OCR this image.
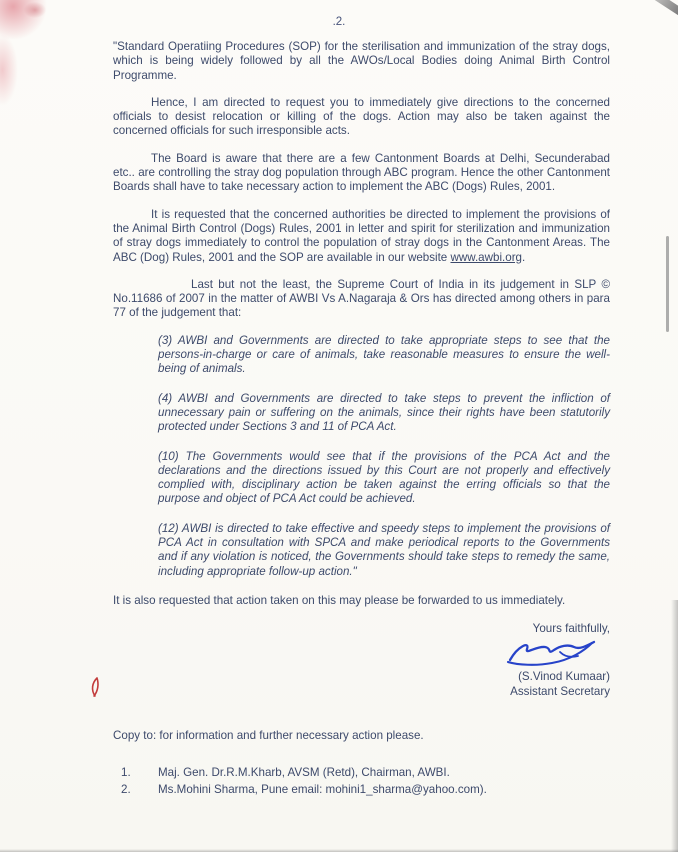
.2.

"Standard Operatiing Procedures (SOP) for the sterilisation and immunization of the stray dogs, which is being widely followed by all the AWOs/Local Bodies doing Animal Birth Control Programme.

Hence, I am directed to request you to immediately give directions to the concerned officials to desist relocation or killing of the dogs. Action may also be taken against the concerned officials for such irresponsible acts.

The Board is aware that there are a few Cantonment Boards at Delhi, Secunderabad etc.. are controlling the stray dog population through ABC program. Hence the other Cantonment Boards shall have to take necessary action to implement the ABC (Dogs) Rules, 2001.

It is requested that the concerned authorities be directed to implement the provisions of the Animal Birth Control (Dogs) Rules, 2001 in letter and spirit for sterilization and immunization of stray dogs immediately to control the population of stray dogs in the Cantonment Areas. The ABC (Dog) Rules, 2001 and the SOP are available in our website www.awbi.org.

Last but not the least, the Supreme Court of India in its judgement in SLP © No.11686 of 2007 in the matter of AWBI Vs A.Nagaraja & Ors has directed among others in para 77 of the judgement that:

(3) AWBI and Governments are directed to take appropriate steps to see that the persons-in-charge or care of animals, take reasonable measures to ensure the well-being of animals.

(4) AWBI and Governments are directed to take steps to prevent the infliction of unnecessary pain or suffering on the animals, since their rights have been statutorily protected under Sections 3 and 11 of PCA Act.

(10) The Governments would see that if the provisions of the PCA Act and the declarations and the directions issued by this Court are not properly and effectively complied with, disciplinary action be taken against the erring officials so that the purpose and object of PCA Act could be achieved.

(12) AWBI is directed to take effective and speedy steps to implement the provisions of PCA Act in consultation with SPCA and make periodical reports to the Governments and if any violation is noticed, the Governments should take steps to remedy the same, including appropriate follow-up action."

It is also requested that action taken on this may please be forwarded to us immediately.

Yours faithfully,
(S.Vinod Kumaar)
Assistant Secretary

Copy to: for information and further necessary action please.

1. Maj. Gen. Dr.R.M.Kharb, AVSM (Retd), Chairman, AWBI.
2. Ms.Mohini Sharma, Pune email: mohini1_sharma@yahoo.com).
